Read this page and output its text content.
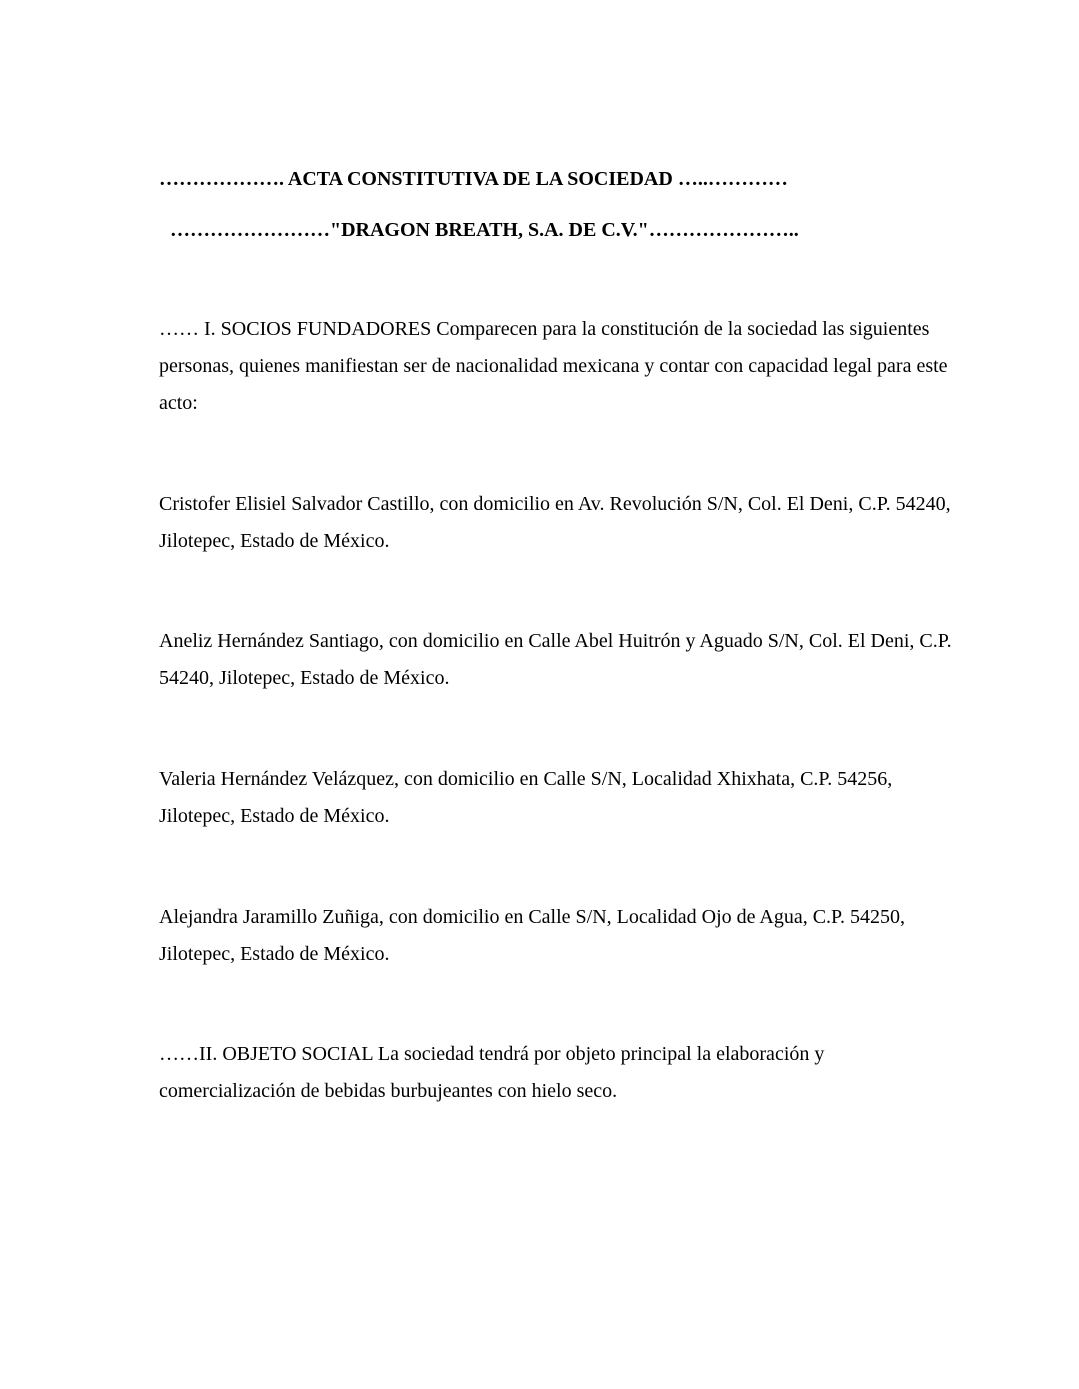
………………. ACTA CONSTITUTIVA DE LA SOCIEDAD …..…………
……………………"DRAGON BREATH, S.A. DE C.V."…………………..

…… I. SOCIOS FUNDADORES Comparecen para la constitución de la sociedad las siguientes personas, quienes manifiestan ser de nacionalidad mexicana y contar con capacidad legal para este acto:

Cristofer Elisiel Salvador Castillo, con domicilio en Av. Revolución S/N, Col. El Deni, C.P. 54240, Jilotepec, Estado de México.

Aneliz Hernández Santiago, con domicilio en Calle Abel Huitrón y Aguado S/N, Col. El Deni, C.P. 54240, Jilotepec, Estado de México.

Valeria Hernández Velázquez, con domicilio en Calle S/N, Localidad Xhixhata, C.P. 54256, Jilotepec, Estado de México.

Alejandra Jaramillo Zuñiga, con domicilio en Calle S/N, Localidad Ojo de Agua, C.P. 54250, Jilotepec, Estado de México.

……II. OBJETO SOCIAL La sociedad tendrá por objeto principal la elaboración y comercialización de bebidas burbujeantes con hielo seco.
